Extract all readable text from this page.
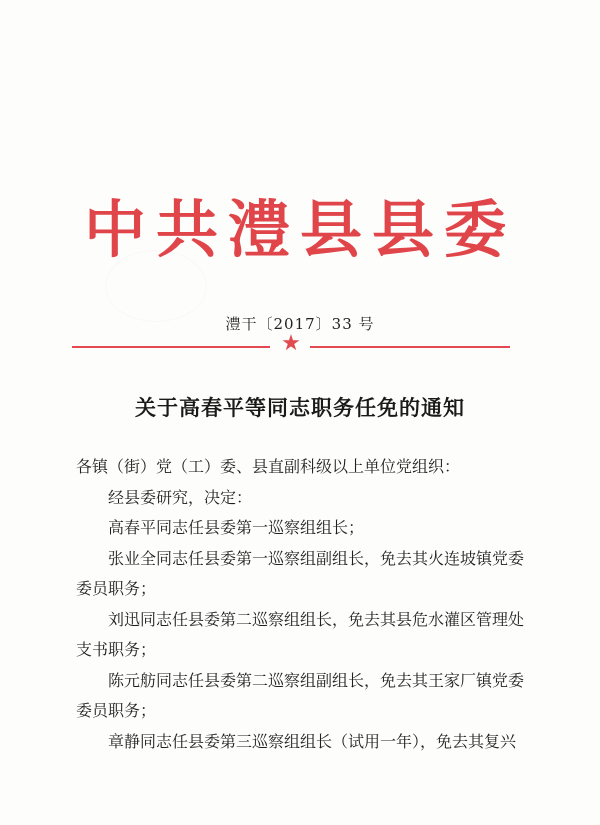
中共澧县县委
澧干〔2017〕33 号
★
关于高春平等同志职务任免的通知

各镇（街）党（工）委、县直副科级以上单位党组织：

经县委研究，决定：

高春平同志任县委第一巡察组组长；

张业全同志任县委第一巡察组副组长，免去其火连坡镇党委委员职务；

刘迅同志任县委第二巡察组组长，免去其县危水灌区管理处支书职务；

陈元舫同志任县委第二巡察组副组长，免去其王家厂镇党委委员职务；

章静同志任县委第三巡察组组长（试用一年），免去其复兴
